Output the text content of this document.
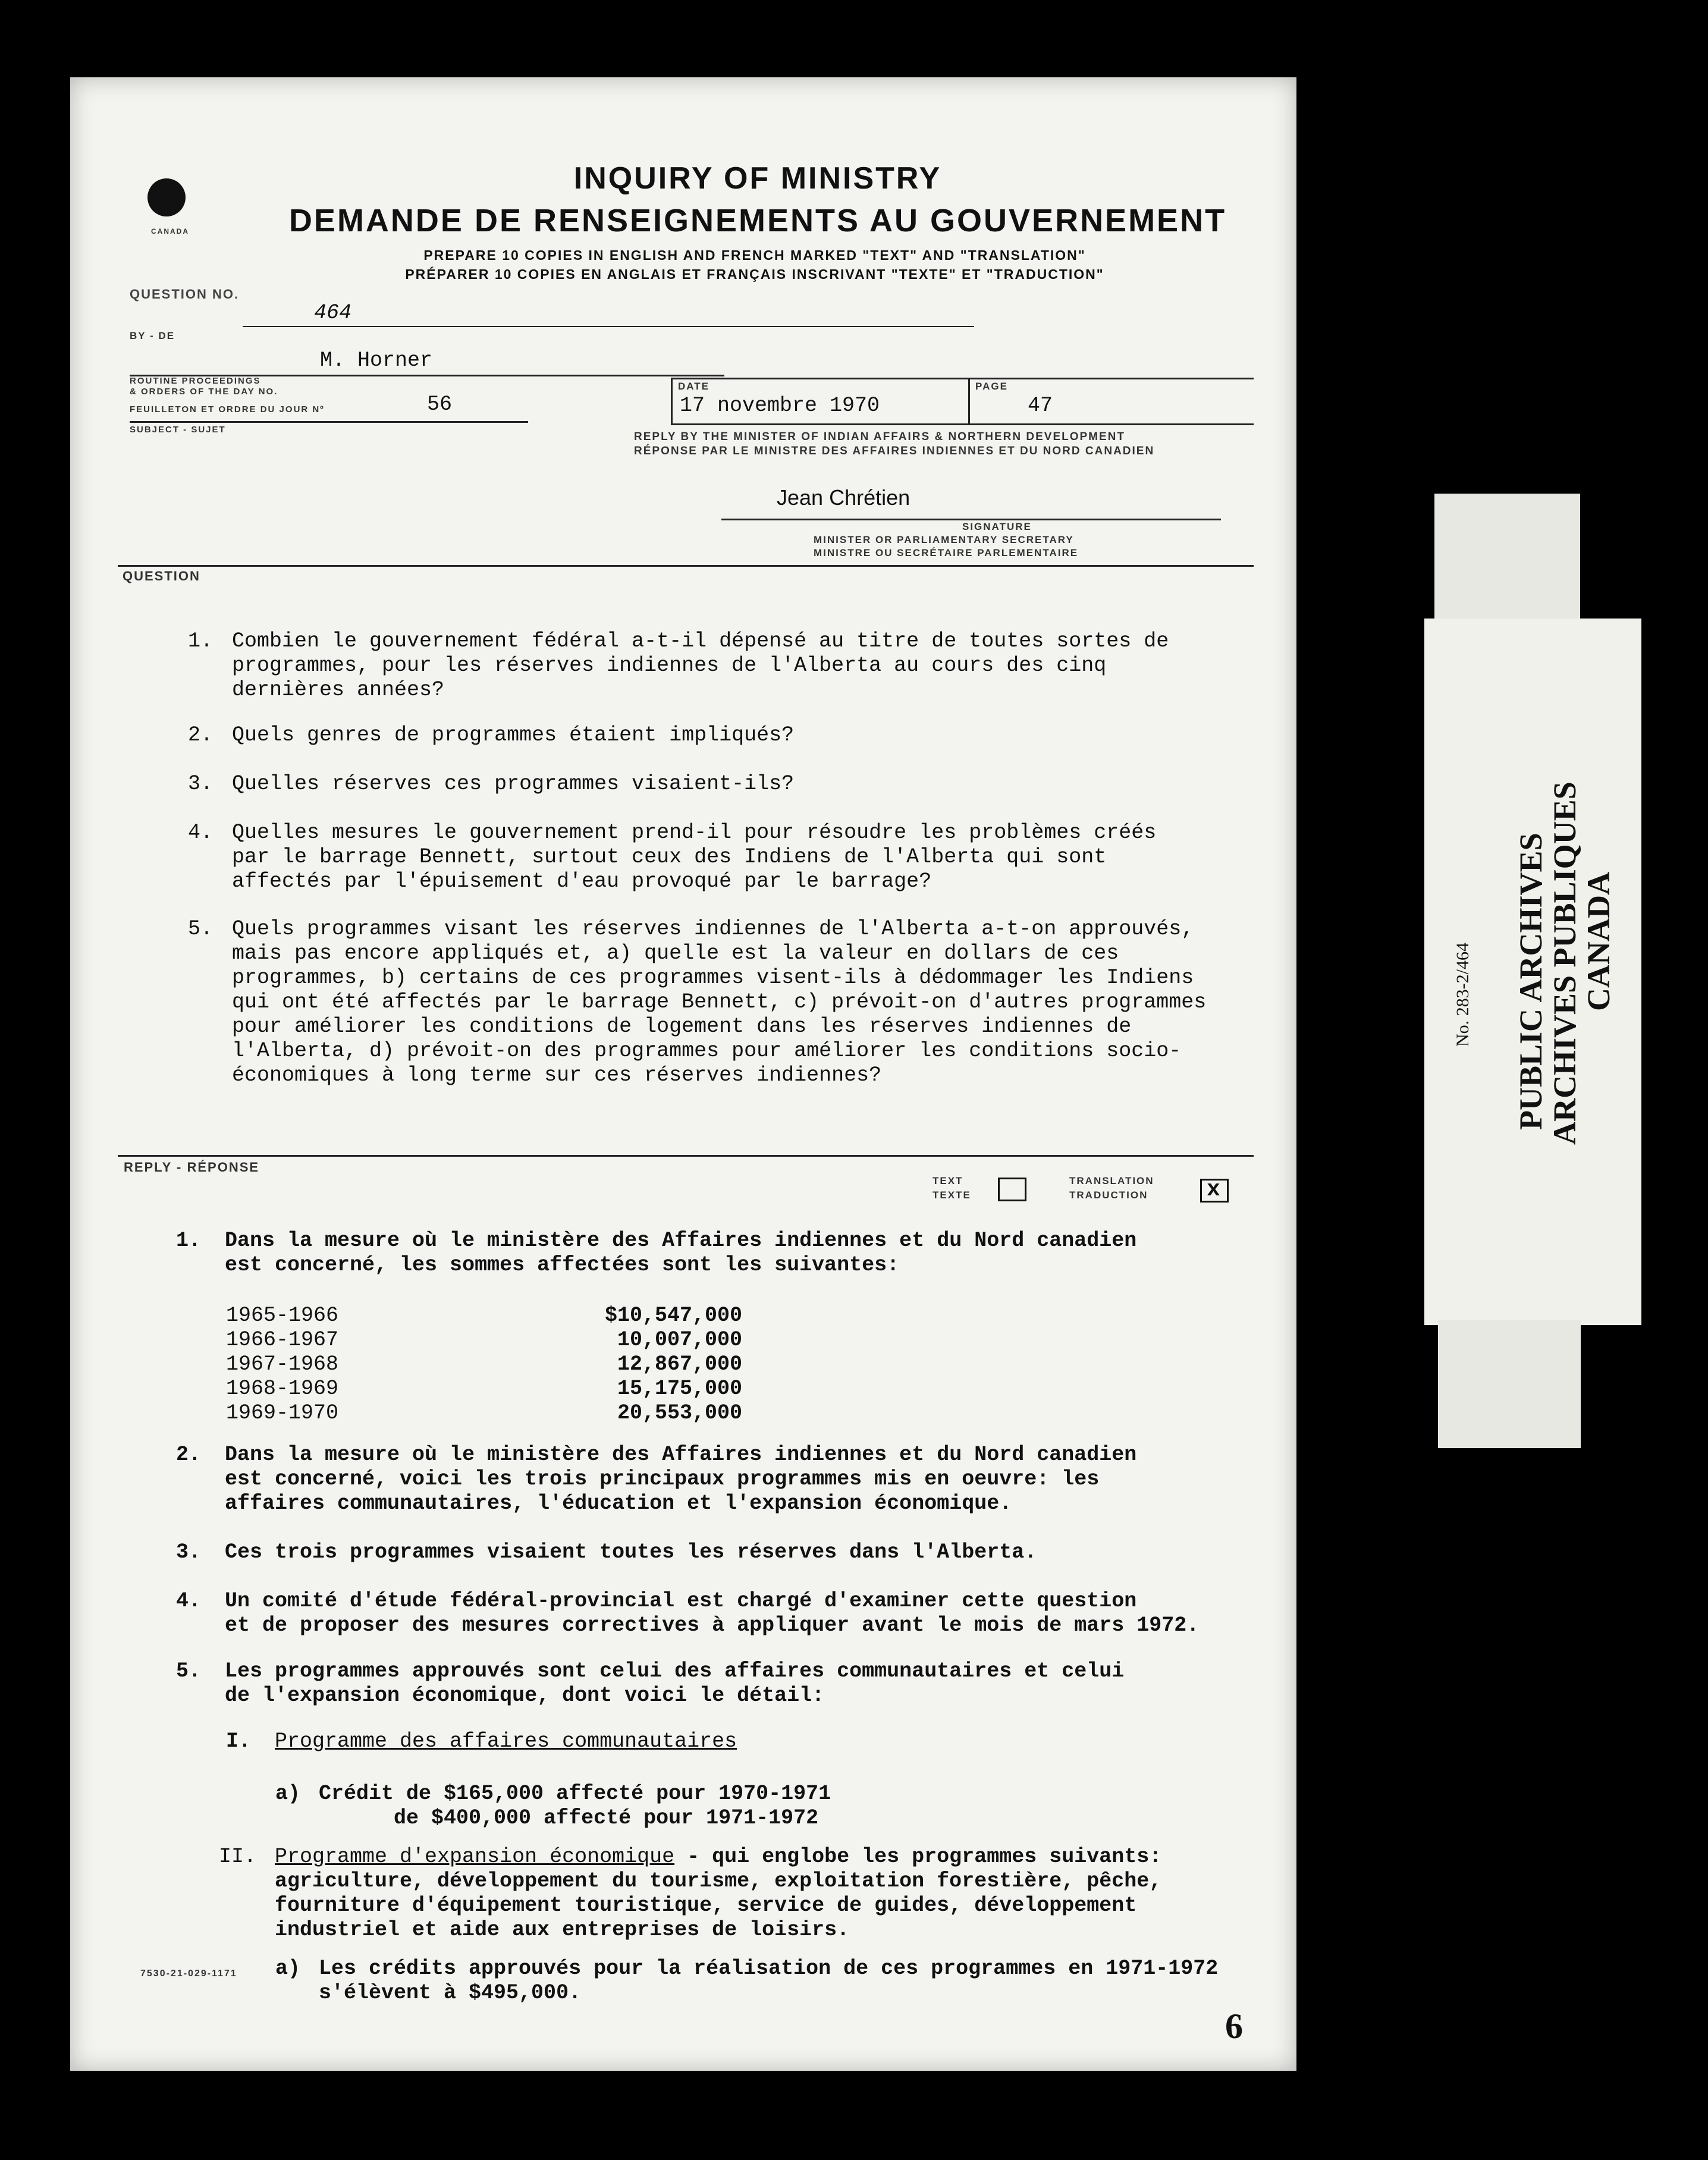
CANADA
INQUIRY OF MINISTRY
DEMANDE DE RENSEIGNEMENTS AU GOUVERNEMENT
PREPARE 10 COPIES IN ENGLISH AND FRENCH MARKED "TEXT" AND "TRANSLATION"
PRÉPARER 10 COPIES EN ANGLAIS ET FRANÇAIS INSCRIVANT "TEXTE" ET "TRADUCTION"
QUESTION NO.
464
BY - DE
M. Horner
ROUTINE PROCEEDINGS
& ORDERS OF THE DAY NO.
FEUILLETON ET ORDRE DU JOUR Nº	56
SUBJECT - SUJET
DATE
17 novembre 1970
PAGE
47
REPLY BY THE MINISTER OF INDIAN AFFAIRS & NORTHERN DEVELOPMENT
RÉPONSE PAR LE MINISTRE DES AFFAIRES INDIENNES ET DU NORD CANADIEN
Jean Chrétien
SIGNATURE
MINISTER OR PARLIAMENTARY SECRETARY
MINISTRE OU SECRÉTAIRE PARLEMENTAIRE
QUESTION
1. Combien le gouvernement fédéral a-t-il dépensé au titre de toutes sortes de
programmes, pour les réserves indiennes de l'Alberta au cours des cinq
dernières années?
2. Quels genres de programmes étaient impliqués?
3. Quelles réserves ces programmes visaient-ils?
4. Quelles mesures le gouvernement prend-il pour résoudre les problèmes créés
par le barrage Bennett, surtout ceux des Indiens de l'Alberta qui sont
affectés par l'épuisement d'eau provoqué par le barrage?
5. Quels programmes visant les réserves indiennes de l'Alberta a-t-on approuvés,
mais pas encore appliqués et, a) quelle est la valeur en dollars de ces
programmes, b) certains de ces programmes visent-ils à dédommager les Indiens
qui ont été affectés par le barrage Bennett, c) prévoit-on d'autres programmes
pour améliorer les conditions de logement dans les réserves indiennes de
l'Alberta, d) prévoit-on des programmes pour améliorer les conditions socio-
économiques à long terme sur ces réserves indiennes?
REPLY - RÉPONSE
TEXT
TEXTE
TRANSLATION
TRADUCTION
x
1. Dans la mesure où le ministère des Affaires indiennes et du Nord canadien
est concerné, les sommes affectées sont les suivantes:
1965-1966	$10,547,000
1966-1967	10,007,000
1967-1968	12,867,000
1968-1969	15,175,000
1969-1970	20,553,000
2. Dans la mesure où le ministère des Affaires indiennes et du Nord canadien
est concerné, voici les trois principaux programmes mis en oeuvre: les
affaires communautaires, l'éducation et l'expansion économique.
3. Ces trois programmes visaient toutes les réserves dans l'Alberta.
4. Un comité d'étude fédéral-provincial est chargé d'examiner cette question
et de proposer des mesures correctives à appliquer avant le mois de mars 1972.
5. Les programmes approuvés sont celui des affaires communautaires et celui
de l'expansion économique, dont voici le détail:
I. Programme des affaires communautaires
a) Crédit de $165,000 affecté pour 1970-1971
de $400,000 affecté pour 1971-1972
II. Programme d'expansion économique - qui englobe les programmes suivants:
agriculture, développement du tourisme, exploitation forestière, pêche,
fourniture d'équipement touristique, service de guides, développement
industriel et aide aux entreprises de loisirs.
a) Les crédits approuvés pour la réalisation de ces programmes en 1971-1972
s'élèvent à $495,000.
7530-21-029-1171
6
No. 283-2/464 PUBLIC ARCHIVES
ARCHIVES PUBLIQUES
CANADA
